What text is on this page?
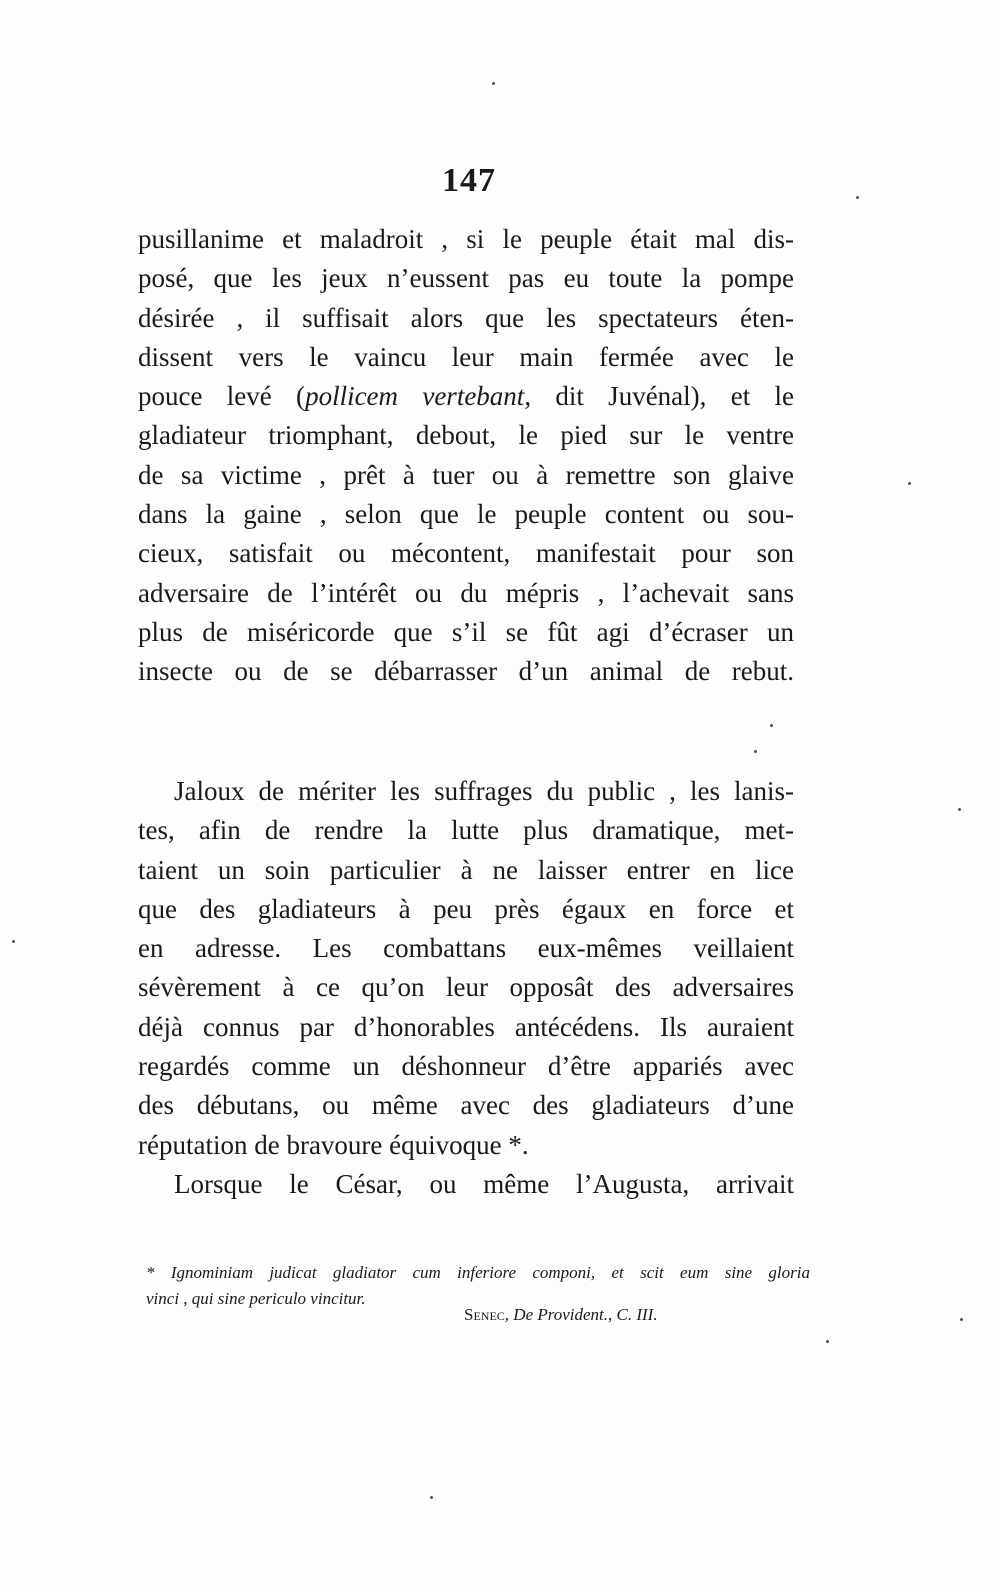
147
pusillanime et maladroit , si le peuple était mal dis-
posé, que les jeux n’eussent pas eu toute la pompe
désirée , il suffisait alors que les spectateurs éten-
dissent vers le vaincu leur main fermée avec le
pouce levé (pollicem vertebant, dit Juvénal), et le
gladiateur triomphant, debout, le pied sur le ventre
de sa victime , prêt à tuer ou à remettre son glaive
dans la gaine , selon que le peuple content ou sou-
cieux, satisfait ou mécontent, manifestait pour son
adversaire de l’intérêt ou du mépris , l’achevait sans
plus de miséricorde que s’il se fût agi d’écraser un
insecte ou de se débarrasser d’un animal de rebut.
Jaloux de mériter les suffrages du public , les lanis-
tes, afin de rendre la lutte plus dramatique, met-
taient un soin particulier à ne laisser entrer en lice
que des gladiateurs à peu près égaux en force et
en adresse. Les combattans eux-mêmes veillaient
sévèrement à ce qu’on leur opposât des adversaires
déjà connus par d’honorables antécédens. Ils auraient
regardés comme un déshonneur d’être appariés avec
des débutans, ou même avec des gladiateurs d’une
réputation de bravoure équivoque *.
Lorsque le César, ou même l’Augusta, arrivait
* Ignominiam judicat gladiator cum inferiore componi, et scit eum sine gloria
vinci , qui sine periculo vincitur.
Senec, De Provident., C. III.
